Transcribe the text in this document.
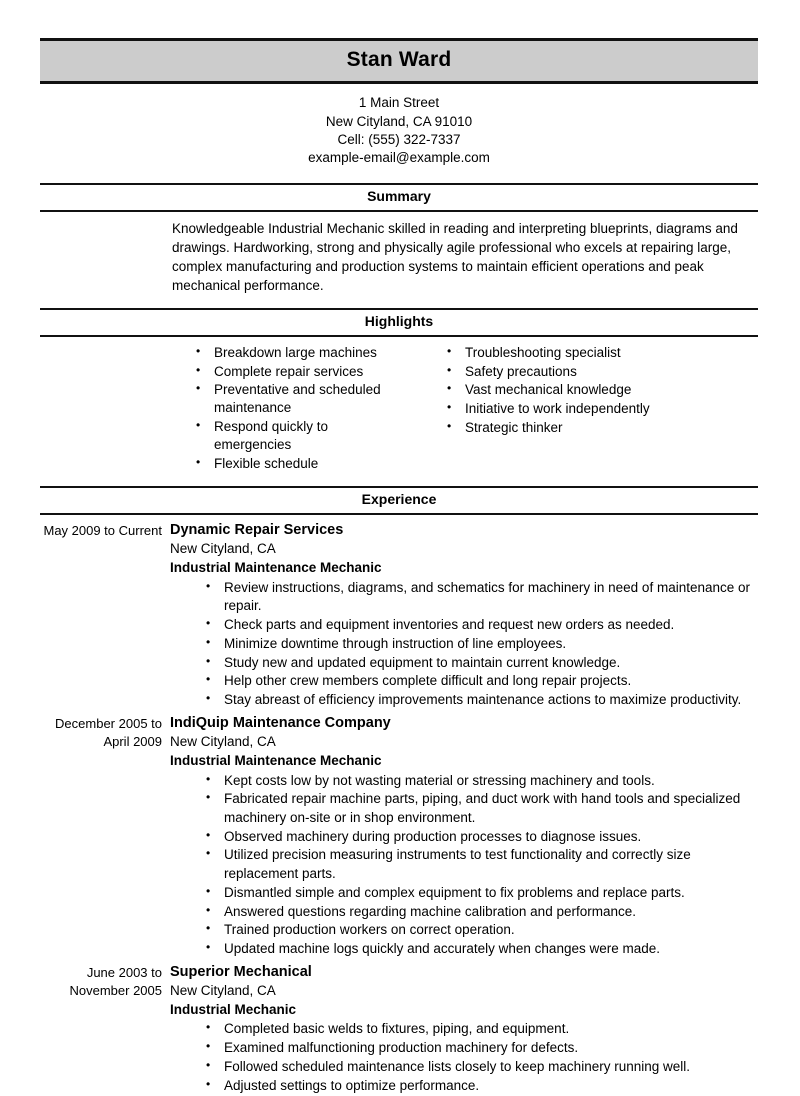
Stan Ward
1 Main Street
New Cityland, CA 91010
Cell: (555) 322-7337
example-email@example.com
Summary

Knowledgeable Industrial Mechanic skilled in reading and interpreting blueprints, diagrams and drawings. Hardworking, strong and physically agile professional who excels at repairing large, complex manufacturing and production systems to maintain efficient operations and peak mechanical performance.

Highlights
• Breakdown large machines
• Complete repair services
• Preventative and scheduled maintenance
• Respond quickly to emergencies
• Flexible schedule
• Troubleshooting specialist
• Safety precautions
• Vast mechanical knowledge
• Initiative to work independently
• Strategic thinker
Experience
May 2009 to Current Dynamic Repair Services
New Cityland, CA
Industrial Maintenance Mechanic
• Review instructions, diagrams, and schematics for machinery in need of maintenance or repair.
• Check parts and equipment inventories and request new orders as needed.
• Minimize downtime through instruction of line employees.
• Study new and updated equipment to maintain current knowledge.
• Help other crew members complete difficult and long repair projects.
• Stay abreast of efficiency improvements maintenance actions to maximize productivity.
December 2005 to April 2009
IndiQuip Maintenance Company
New Cityland, CA
Industrial Maintenance Mechanic
• Kept costs low by not wasting material or stressing machinery and tools.
• Fabricated repair machine parts, piping, and duct work with hand tools and specialized machinery on-site or in shop environment.
• Observed machinery during production processes to diagnose issues.
• Utilized precision measuring instruments to test functionality and correctly size replacement parts.
• Dismantled simple and complex equipment to fix problems and replace parts.
• Answered questions regarding machine calibration and performance.
• Trained production workers on correct operation.
• Updated machine logs quickly and accurately when changes were made.
June 2003 to November 2005
Superior Mechanical
New Cityland, CA
Industrial Mechanic
• Completed basic welds to fixtures, piping, and equipment.
• Examined malfunctioning production machinery for defects.
• Followed scheduled maintenance lists closely to keep machinery running well.
• Adjusted settings to optimize performance.
